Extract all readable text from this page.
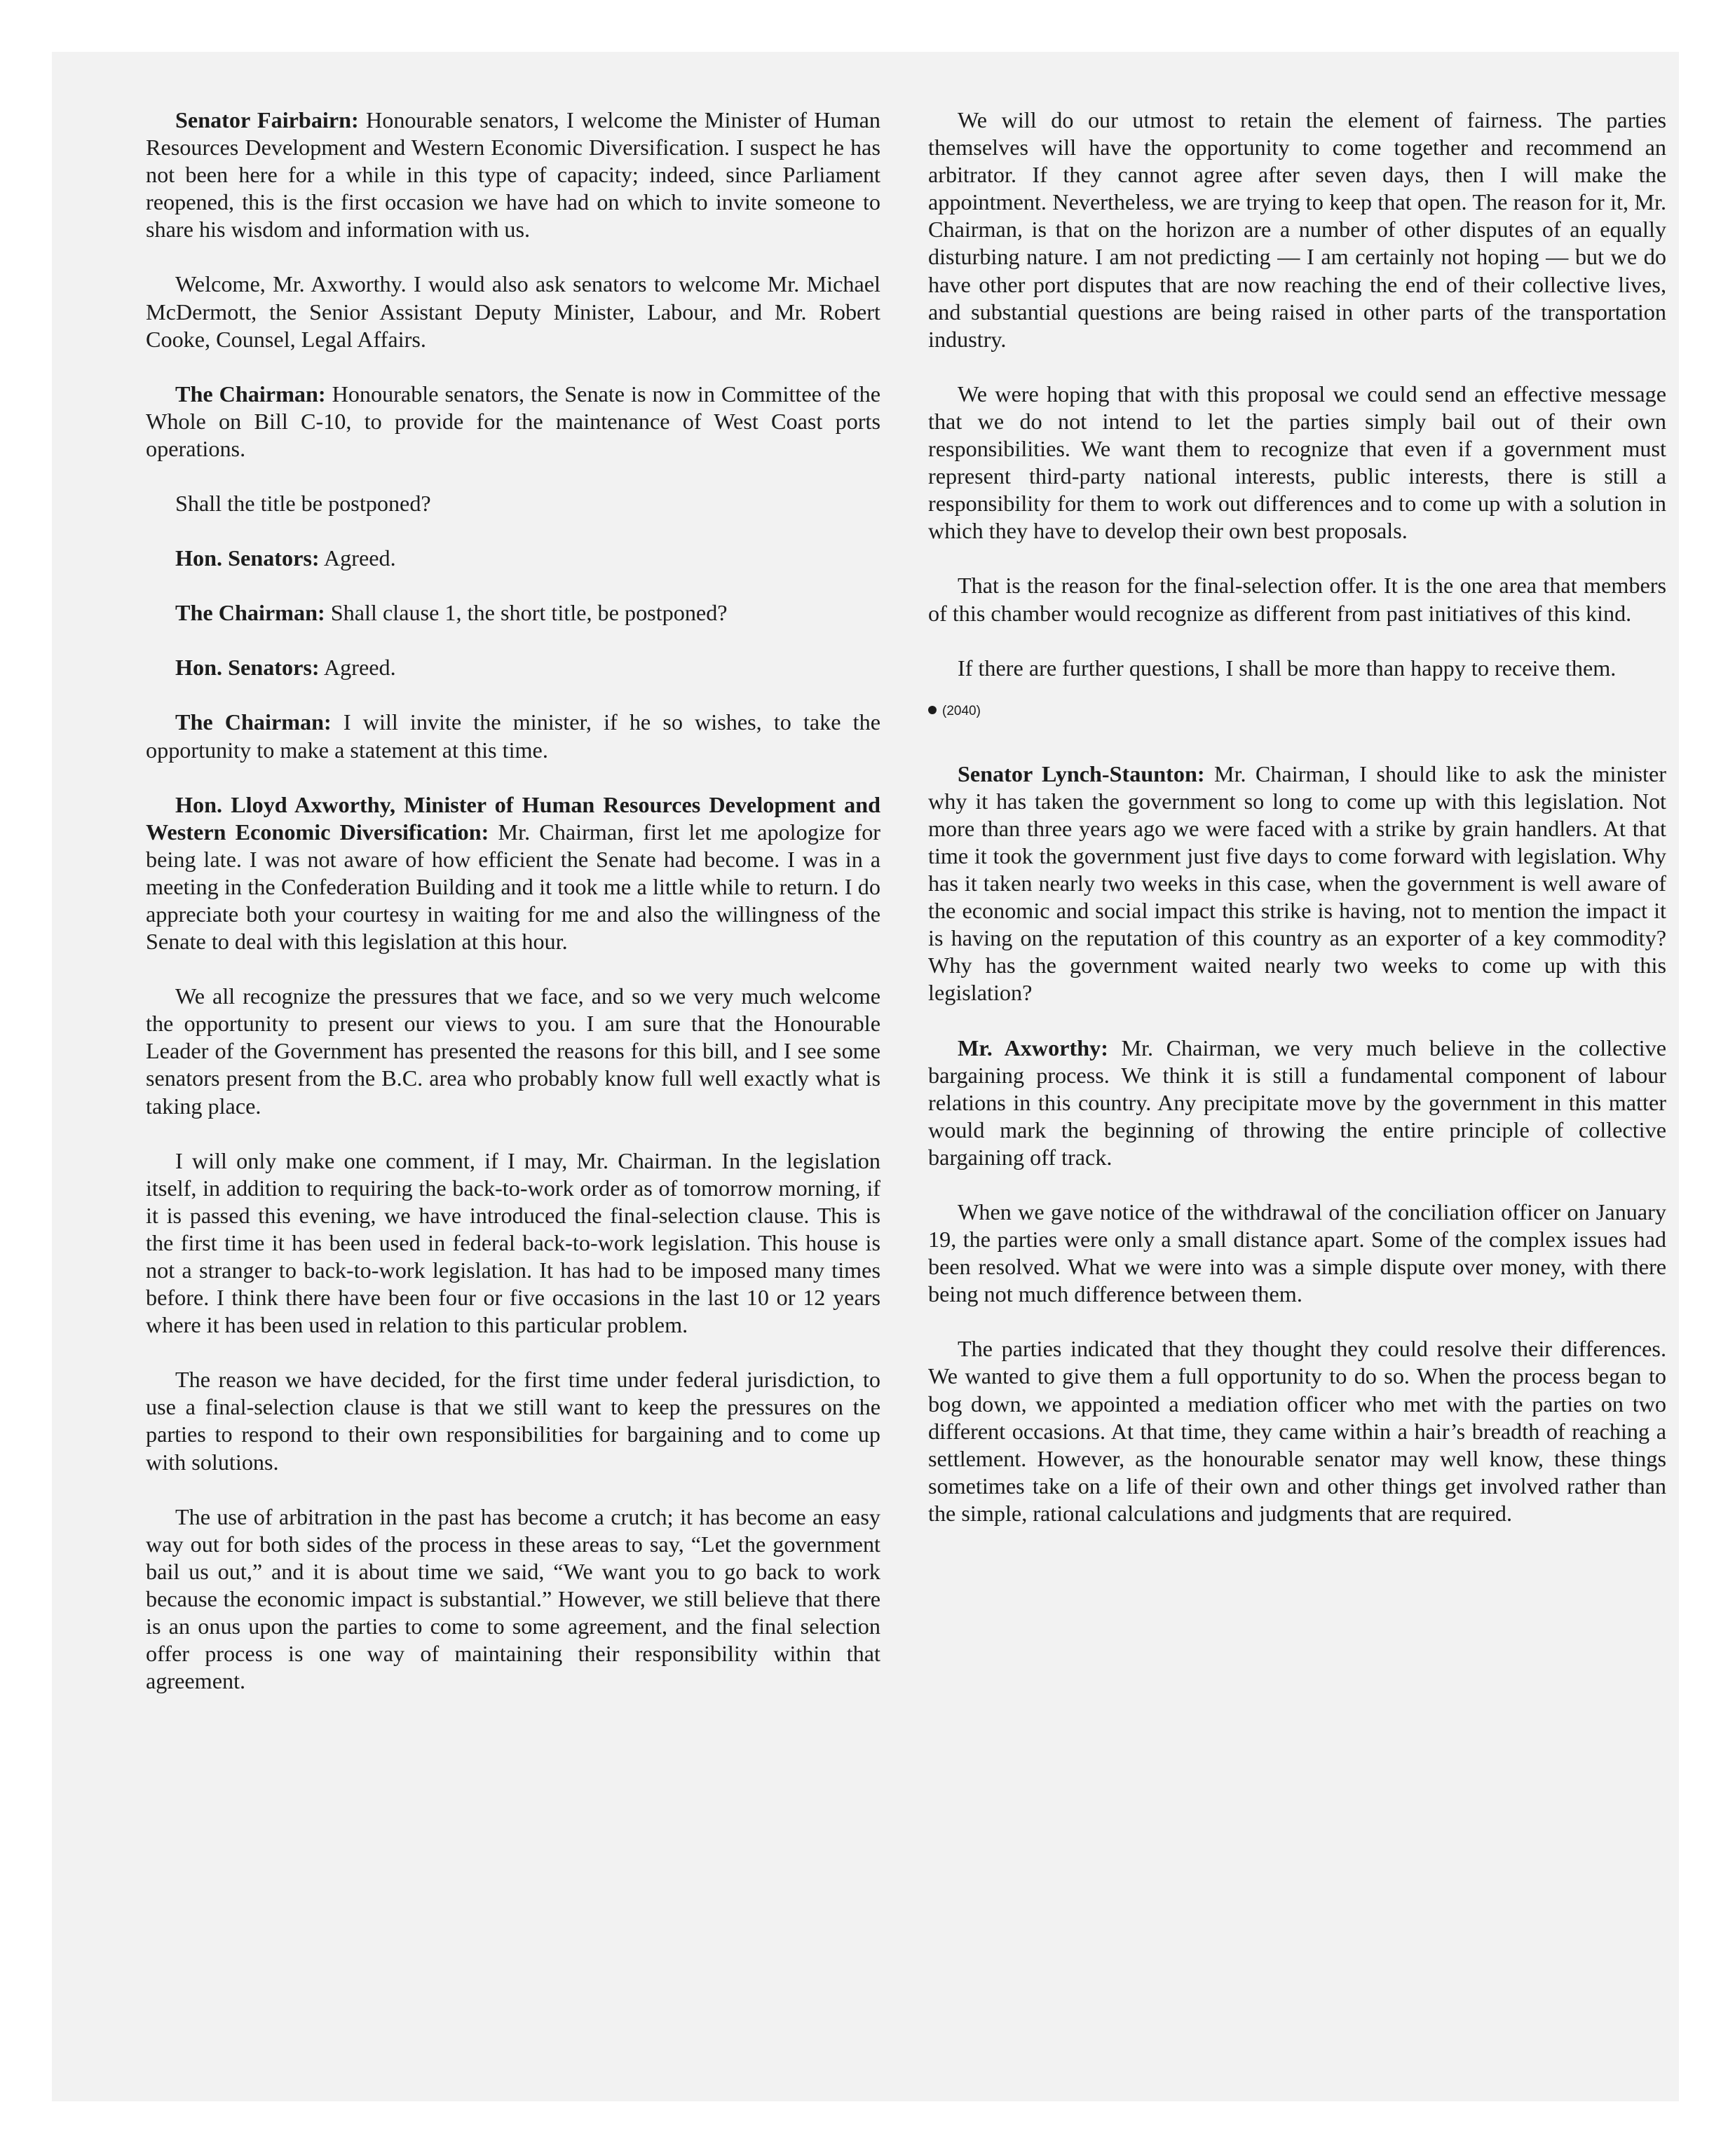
Senator Fairbairn: Honourable senators, I welcome the Minister of Human Resources Development and Western Economic Diversification. I suspect he has not been here for a while in this type of capacity; indeed, since Parliament reopened, this is the first occasion we have had on which to invite someone to share his wisdom and information with us.

Welcome, Mr. Axworthy. I would also ask senators to welcome Mr. Michael McDermott, the Senior Assistant Deputy Minister, Labour, and Mr. Robert Cooke, Counsel, Legal Affairs.

The Chairman: Honourable senators, the Senate is now in Committee of the Whole on Bill C-10, to provide for the maintenance of West Coast ports operations.

Shall the title be postponed?

Hon. Senators: Agreed.

The Chairman: Shall clause 1, the short title, be postponed?

Hon. Senators: Agreed.

The Chairman: I will invite the minister, if he so wishes, to take the opportunity to make a statement at this time.

Hon. Lloyd Axworthy, Minister of Human Resources Development and Western Economic Diversification: Mr. Chairman, first let me apologize for being late. I was not aware of how efficient the Senate had become. I was in a meeting in the Confederation Building and it took me a little while to return. I do appreciate both your courtesy in waiting for me and also the willingness of the Senate to deal with this legislation at this hour.

We all recognize the pressures that we face, and so we very much welcome the opportunity to present our views to you. I am sure that the Honourable Leader of the Government has presented the reasons for this bill, and I see some senators present from the B.C. area who probably know full well exactly what is taking place.

I will only make one comment, if I may, Mr. Chairman. In the legislation itself, in addition to requiring the back-to-work order as of tomorrow morning, if it is passed this evening, we have introduced the final-selection clause. This is the first time it has been used in federal back-to-work legislation. This house is not a stranger to back-to-work legislation. It has had to be imposed many times before. I think there have been four or five occasions in the last 10 or 12 years where it has been used in relation to this particular problem.

The reason we have decided, for the first time under federal jurisdiction, to use a final-selection clause is that we still want to keep the pressures on the parties to respond to their own responsibilities for bargaining and to come up with solutions.

The use of arbitration in the past has become a crutch; it has become an easy way out for both sides of the process in these areas to say, “Let the government bail us out,” and it is about time we said, “We want you to go back to work because the economic impact is substantial.” However, we still believe that there is an onus upon the parties to come to some agreement, and the final selection offer process is one way of maintaining their responsibility within that agreement.

We will do our utmost to retain the element of fairness. The parties themselves will have the opportunity to come together and recommend an arbitrator. If they cannot agree after seven days, then I will make the appointment. Nevertheless, we are trying to keep that open. The reason for it, Mr. Chairman, is that on the horizon are a number of other disputes of an equally disturbing nature. I am not predicting — I am certainly not hoping — but we do have other port disputes that are now reaching the end of their collective lives, and substantial questions are being raised in other parts of the transportation industry.

We were hoping that with this proposal we could send an effective message that we do not intend to let the parties simply bail out of their own responsibilities. We want them to recognize that even if a government must represent third-party national interests, public interests, there is still a responsibility for them to work out differences and to come up with a solution in which they have to develop their own best proposals.

That is the reason for the final-selection offer. It is the one area that members of this chamber would recognize as different from past initiatives of this kind.

If there are further questions, I shall be more than happy to receive them.

(2040)

Senator Lynch-Staunton: Mr. Chairman, I should like to ask the minister why it has taken the government so long to come up with this legislation. Not more than three years ago we were faced with a strike by grain handlers. At that time it took the government just five days to come forward with legislation. Why has it taken nearly two weeks in this case, when the government is well aware of the economic and social impact this strike is having, not to mention the impact it is having on the reputation of this country as an exporter of a key commodity? Why has the government waited nearly two weeks to come up with this legislation?

Mr. Axworthy: Mr. Chairman, we very much believe in the collective bargaining process. We think it is still a fundamental component of labour relations in this country. Any precipitate move by the government in this matter would mark the beginning of throwing the entire principle of collective bargaining off track.

When we gave notice of the withdrawal of the conciliation officer on January 19, the parties were only a small distance apart. Some of the complex issues had been resolved. What we were into was a simple dispute over money, with there being not much difference between them.

The parties indicated that they thought they could resolve their differences. We wanted to give them a full opportunity to do so. When the process began to bog down, we appointed a mediation officer who met with the parties on two different occasions. At that time, they came within a hair’s breadth of reaching a settlement. However, as the honourable senator may well know, these things sometimes take on a life of their own and other things get involved rather than the simple, rational calculations and judgments that are required.
